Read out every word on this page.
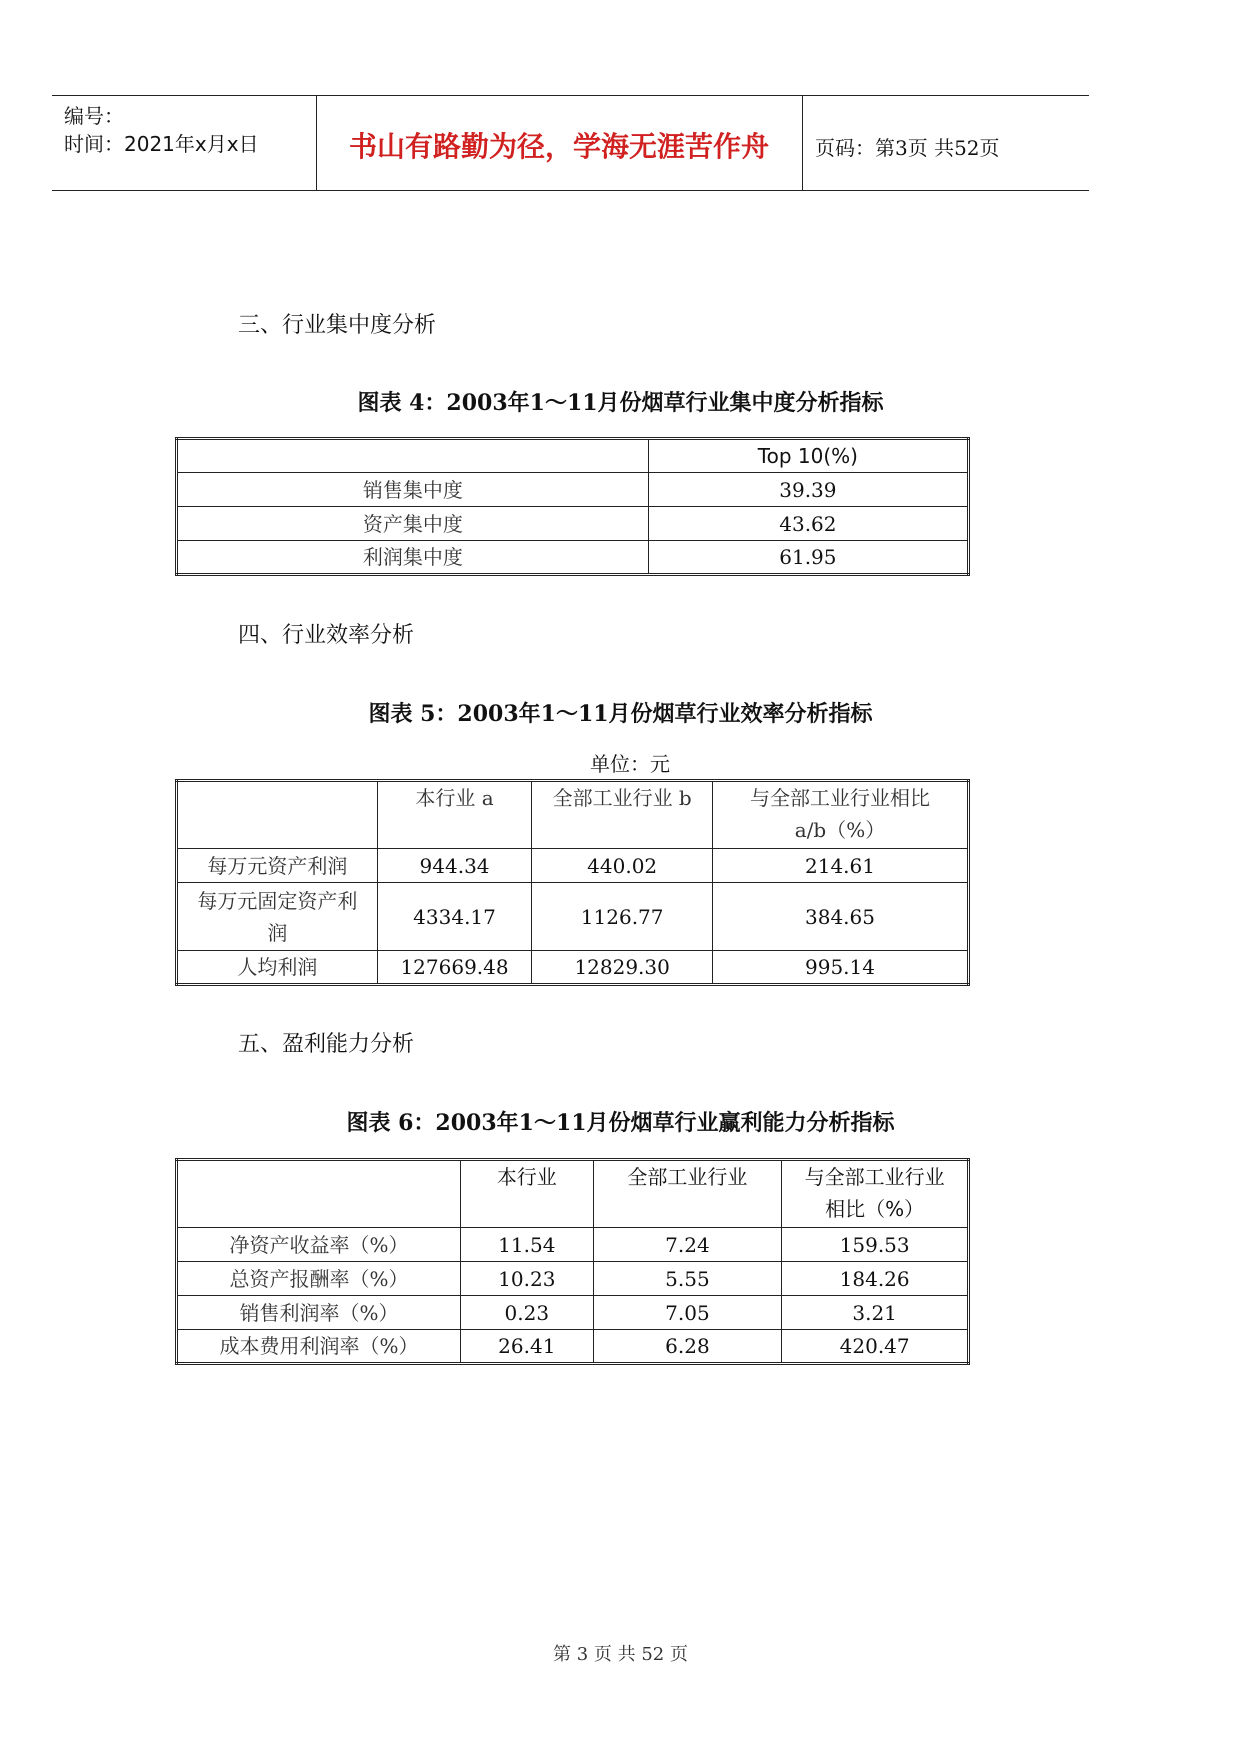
编号：
时间：2021年x月x日	书山有路勤为径，学海无涯苦作舟	页码：第3页 共52页
三、行业集中度分析
图表 4：2003年1～11月份烟草行业集中度分析指标
	Top 10(%)
销售集中度	39.39
资产集中度	43.62
利润集中度	61.95
四、行业效率分析
图表 5：2003年1～11月份烟草行业效率分析指标
单位：元
	本行业 a	全部工业行业 b	与全部工业行业相比
a/b（%）

每万元资产利润	944.34	440.02	214.61

每万元固定资产利
润	4334.17	1126.77	384.65
人均利润	127669.48	12829.30	995.14
五、盈利能力分析
图表 6：2003年1～11月份烟草行业赢利能力分析指标
	本行业	全部工业行业	与全部工业行业
相比（%）

净资产收益率（%）	11.54	7.24	159.53
总资产报酬率（%）	10.23	5.55	184.26
销售利润率（%）	0.23	7.05	3.21
成本费用利润率（%）	26.41	6.28	420.47
第 3 页 共 52 页
